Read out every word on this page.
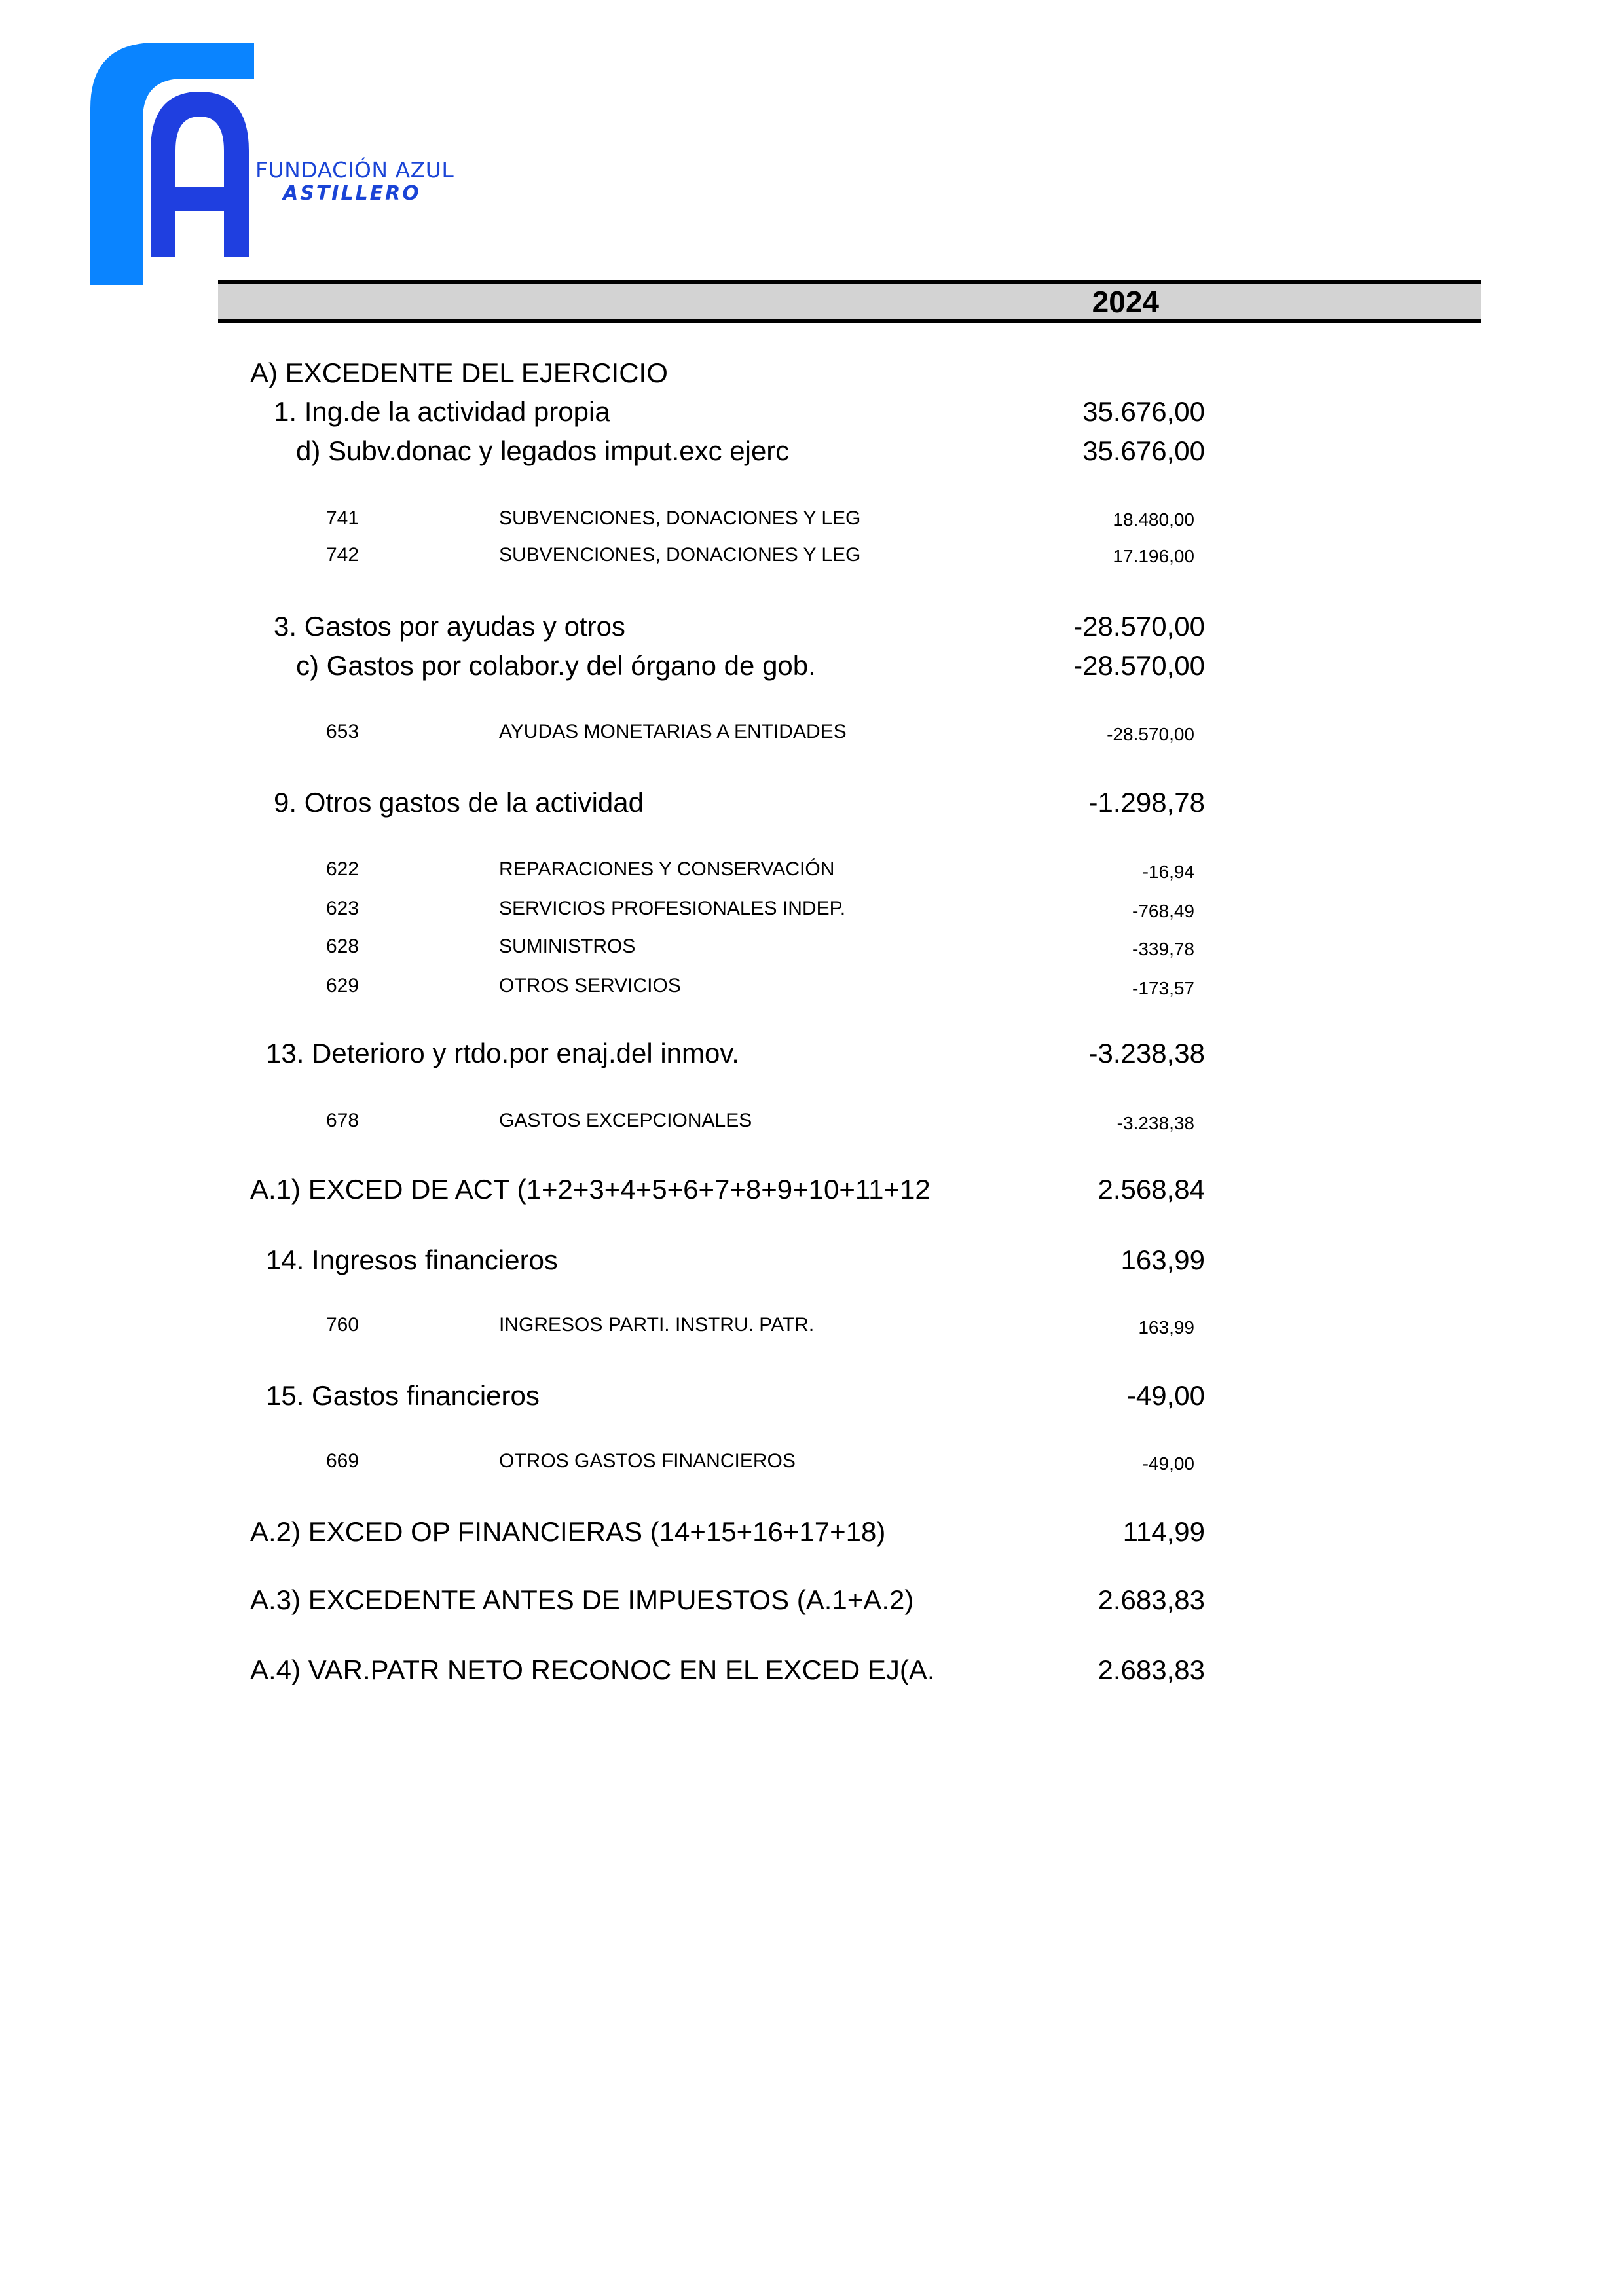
FUNDACIÓN AZUL
ASTILLERO
2024
A) EXCEDENTE DEL EJERCICIO
1. Ing.de la actividad propia	35.676,00
d) Subv.donac y legados imput.exc ejerc	35.676,00
741	SUBVENCIONES, DONACIONES Y LEG	18.480,00
742	SUBVENCIONES, DONACIONES Y LEG	17.196,00
3. Gastos por ayudas y otros	-28.570,00
c) Gastos por colabor.y del órgano de gob.	-28.570,00
653	AYUDAS MONETARIAS A ENTIDADES	-28.570,00
9. Otros gastos de la actividad	-1.298,78
622	REPARACIONES Y CONSERVACIÓN	-16,94
623	SERVICIOS PROFESIONALES INDEP.	-768,49
628	SUMINISTROS	-339,78
629	OTROS SERVICIOS	-173,57
13. Deterioro y rtdo.por enaj.del inmov.	-3.238,38
678	GASTOS EXCEPCIONALES	-3.238,38
A.1) EXCED DE ACT (1+2+3+4+5+6+7+8+9+10+11+12	2.568,84
14. Ingresos financieros	163,99
760	INGRESOS PARTI. INSTRU. PATR.	163,99
15. Gastos financieros	-49,00
669	OTROS GASTOS FINANCIEROS	-49,00
A.2) EXCED OP FINANCIERAS (14+15+16+17+18)	114,99
A.3) EXCEDENTE ANTES DE IMPUESTOS (A.1+A.2)	2.683,83
A.4) VAR.PATR NETO RECONOC EN EL EXCED EJ(A.	2.683,83
